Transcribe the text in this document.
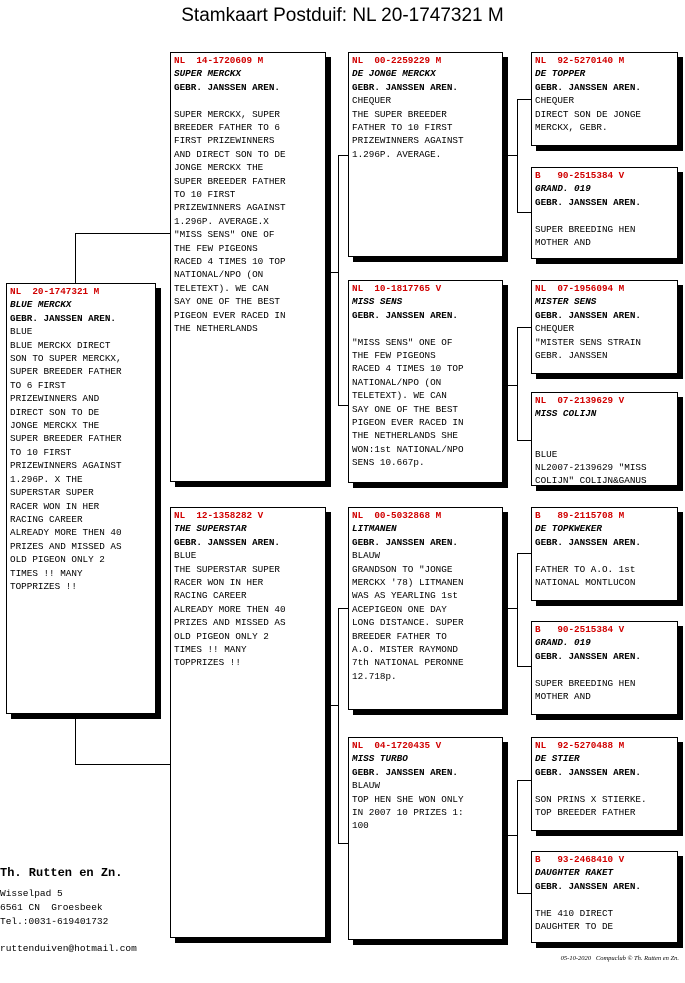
Stamkaart Postduif: NL 20-1747321 M
NL  20-1747321 M
BLUE MERCKX
GEBR. JANSSEN AREN.
BLUE
BLUE MERCKX DIRECT
SON TO SUPER MERCKX,
SUPER BREEDER FATHER
TO 6 FIRST
PRIZEWINNERS AND
DIRECT SON TO DE
JONGE MERCKX THE
SUPER BREEDER FATHER
TO 10 FIRST
PRIZEWINNERS AGAINST
1.296P. X THE
SUPERSTAR SUPER
RACER WON IN HER
RACING CAREER
ALREADY MORE THEN 40
PRIZES AND MISSED AS
OLD PIGEON ONLY 2
TIMES !! MANY
TOPPRIZES !!
NL  14-1720609 M
SUPER MERCKX
GEBR. JANSSEN AREN.
SUPER MERCKX, SUPER
BREEDER FATHER TO 6
FIRST PRIZEWINNERS
AND DIRECT SON TO DE
JONGE MERCKX THE
SUPER BREEDER FATHER
TO 10 FIRST
PRIZEWINNERS AGAINST
1.296P. AVERAGE.X
"MISS SENS" ONE OF
THE FEW PIGEONS
RACED 4 TIMES 10 TOP
NATIONAL/NPO (ON
TELETEXT). WE CAN
SAY ONE OF THE BEST
PIGEON EVER RACED IN
THE NETHERLANDS
NL  12-1358282 V
THE SUPERSTAR
GEBR. JANSSEN AREN.
BLUE
THE SUPERSTAR SUPER
RACER WON IN HER
RACING CAREER
ALREADY MORE THEN 40
PRIZES AND MISSED AS
OLD PIGEON ONLY 2
TIMES !! MANY
TOPPRIZES !!
NL  00-2259229 M
DE JONGE MERCKX
GEBR. JANSSEN AREN.
CHEQUER
THE SUPER BREEDER
FATHER TO 10 FIRST
PRIZEWINNERS AGAINST
1.296P. AVERAGE.
NL  10-1817765 V
MISS SENS
GEBR. JANSSEN AREN.
"MISS SENS" ONE OF
THE FEW PIGEONS
RACED 4 TIMES 10 TOP
NATIONAL/NPO (ON
TELETEXT). WE CAN
SAY ONE OF THE BEST
PIGEON EVER RACED IN
THE NETHERLANDS SHE
WON:1st NATIONAL/NPO
SENS 10.667p.
NL  00-5032868 M
LITMANEN
GEBR. JANSSEN AREN.
BLAUW
GRANDSON TO "JONGE
MERCKX '78) LITMANEN
WAS AS YEARLING 1st
ACEPIGEON ONE DAY
LONG DISTANCE. SUPER
BREEDER FATHER TO
A.O. MISTER RAYMOND
7th NATIONAL PERONNE
12.718p.
NL  04-1720435 V
MISS TURBO
GEBR. JANSSEN AREN.
BLAUW
TOP HEN SHE WON ONLY
IN 2007 10 PRIZES 1:
100
NL  92-5270140 M
DE TOPPER
GEBR. JANSSEN AREN.
CHEQUER
DIRECT SON DE JONGE
MERCKX, GEBR.
B   90-2515384 V
GRAND. 019
GEBR. JANSSEN AREN.
SUPER BREEDING HEN
MOTHER AND
NL  07-1956094 M
MISTER SENS
GEBR. JANSSEN AREN.
CHEQUER
"MISTER SENS STRAIN
GEBR. JANSSEN
NL  07-2139629 V
MISS COLIJN
BLUE
NL2007-2139629 "MISS
COLIJN" COLIJN&GANUS
B   89-2115708 M
DE TOPKWEKER
GEBR. JANSSEN AREN.
FATHER TO A.O. 1st
NATIONAL MONTLUCON
B   90-2515384 V
GRAND. 019
GEBR. JANSSEN AREN.
SUPER BREEDING HEN
MOTHER AND
NL  92-5270488 M
DE STIER
GEBR. JANSSEN AREN.
SON PRINS X STIERKE.
TOP BREEDER FATHER
B   93-2468410 V
DAUGHTER RAKET
GEBR. JANSSEN AREN.
THE 410 DIRECT
DAUGHTER TO DE
Th. Rutten en Zn.
Wisselpad 5
6561 CN  Groesbeek
Tel.:0031-619401732
ruttenduiven@hotmail.com
05-10-2020   Compuclub © Th. Rutten en Zn.
